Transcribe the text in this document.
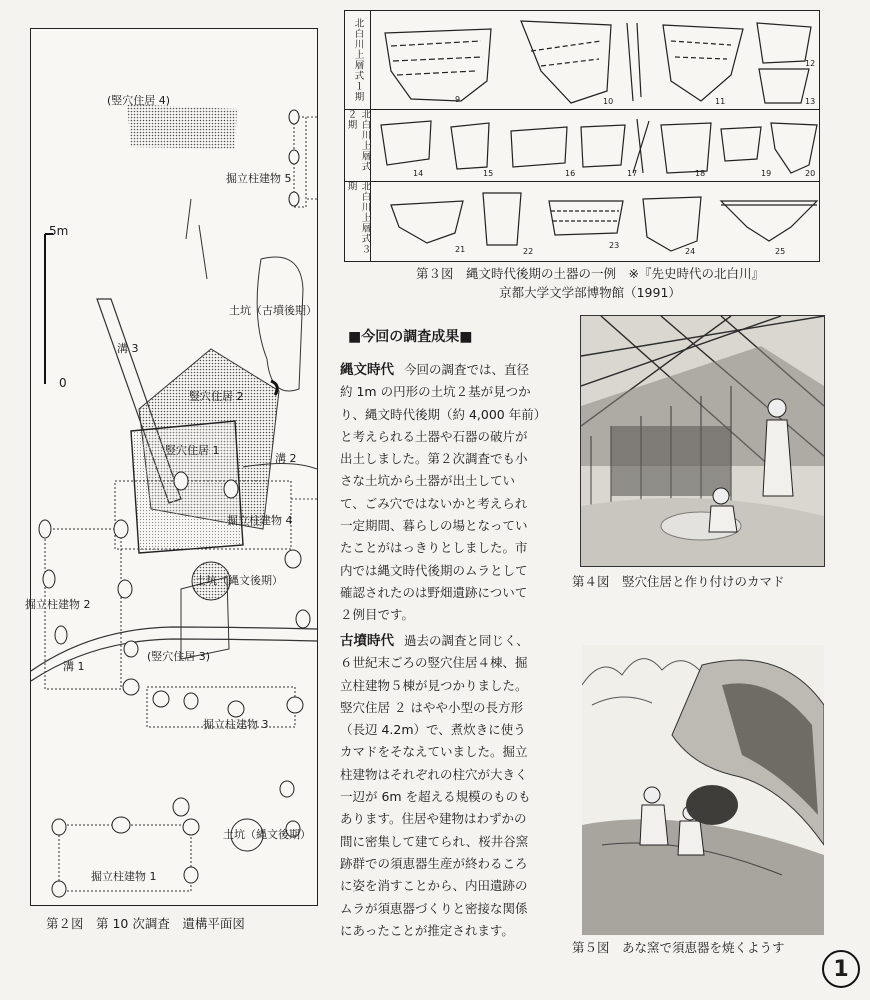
(竪穴住居 4)
掘立柱建物 5
5m
0
土坑（古墳後期）
溝 3
竪穴住居 2
竪穴住居 1
溝 2
掘立柱建物 4
土坑（縄文後期）
掘立柱建物 2
(竪穴住居 3)
溝 1
掘立柱建物 3
土坑（縄文後期）
掘立柱建物 1
第２図　第 10 次調査　遺構平面図
北白川上層式１期	9	10	11
12
13
北白川上層式２期
14	15	16	17	18	19	20
北白川上層式３期
21	22
23
24	25
第３図　縄文時代後期の土器の一例　※『先史時代の北白川』
京都大学文学部博物館（1991）
■今回の調査成果■
縄文時代 今回の調査では、直径
約 1m の円形の土坑２基が見つか
り、縄文時代後期（約 4,000 年前）
と考えられる土器や石器の破片が
出土しました。第２次調査でも小
さな土坑から土器が出土してい
て、ごみ穴ではないかと考えられ
一定期間、暮らしの場となってい
たことがはっきりとしました。市
内では縄文時代後期のムラとして
確認されたのは野畑遺跡について
２例目です。
古墳時代 過去の調査と同じく、
６世紀末ごろの竪穴住居４棟、掘
立柱建物５棟が見つかりました。
竪穴住居 ２ はやや小型の長方形
（長辺 4.2m）で、煮炊きに使う
カマドをそなえていました。掘立
柱建物はそれぞれの柱穴が大きく
一辺が 6m を超える規模のものも
あります。住居や建物はわずかの
間に密集して建てられ、桜井谷窯
跡群での須恵器生産が終わるころ
に姿を消すことから、内田遺跡の
ムラが須恵器づくりと密接な関係
にあったことが推定されます。
第４図　竪穴住居と作り付けのカマド
第５図　あな窯で須恵器を焼くようす
1
